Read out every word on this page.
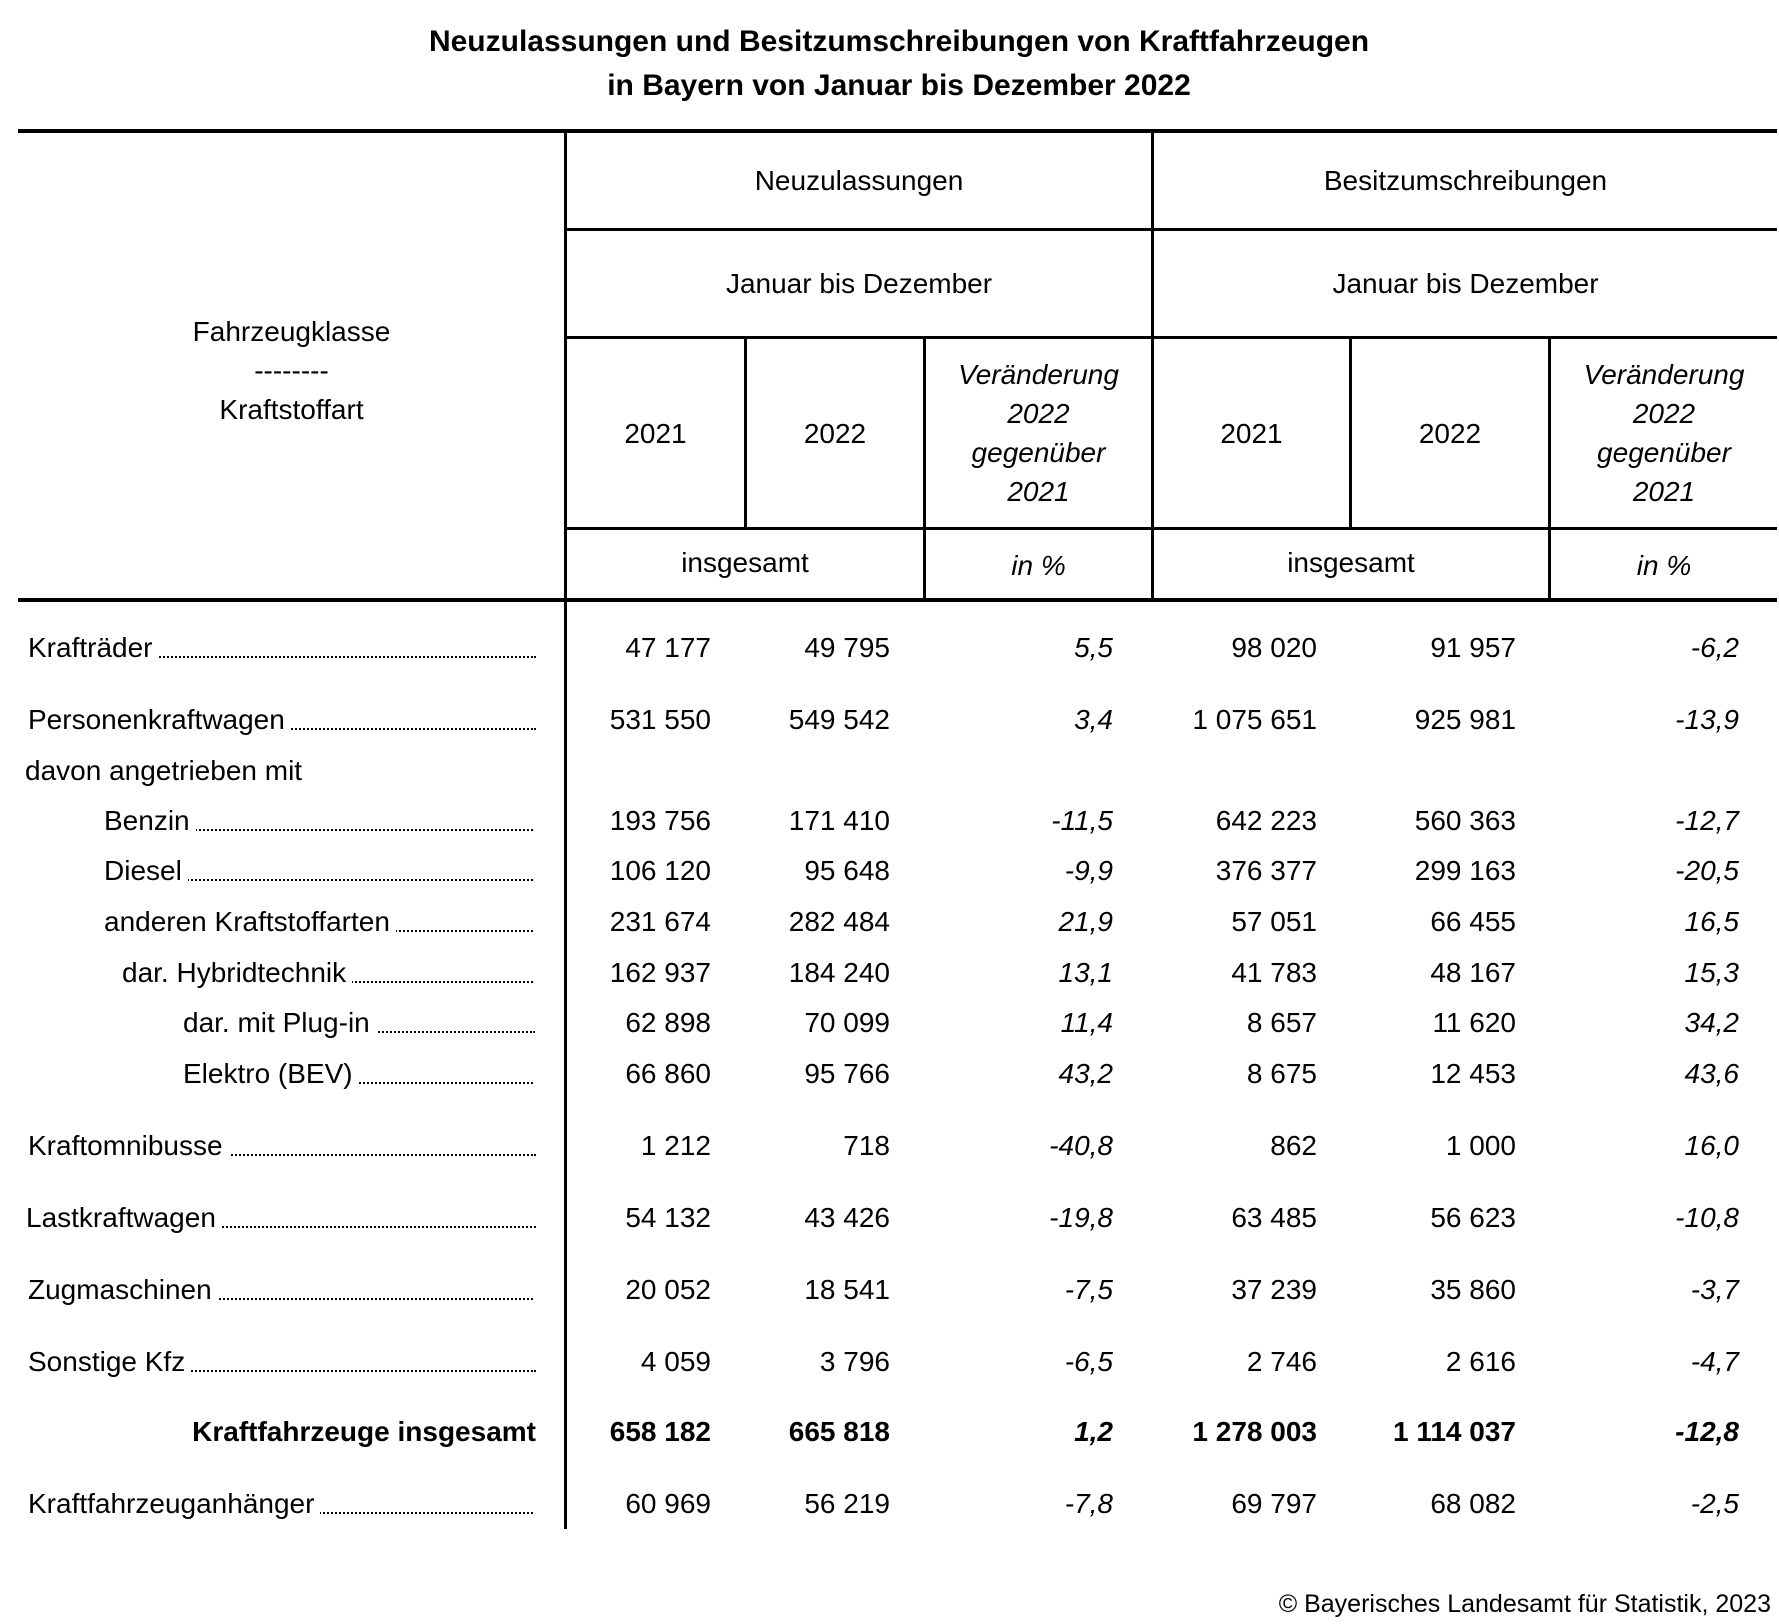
Neuzulassungen und Besitzumschreibungen von Kraftfahrzeugen
in Bayern von Januar bis Dezember 2022
Fahrzeugklasse
--------
Kraftstoffart
Neuzulassungen
Januar bis Dezember
2021	2022
Veränderung
2022
gegenüber
2021
insgesamt	in %
Besitzumschreibungen
Januar bis Dezember
2021	2022
Veränderung
2022
gegenüber
2021
insgesamt	in %
Krafträder	47 177	49 795	5,5	98 020	91 957	-6,2
Personenkraftwagen	531 550	549 542	3,4	1 075 651	925 981	-13,9
davon angetrieben mit
Benzin	193 756	171 410	-11,5	642 223	560 363	-12,7
Diesel	106 120	95 648	-9,9	376 377	299 163	-20,5
anderen Kraftstoffarten	231 674	282 484	21,9	57 051	66 455	16,5
dar. Hybridtechnik	162 937	184 240	13,1	41 783	48 167	15,3
dar. mit Plug-in	62 898	70 099	11,4	8 657	11 620	34,2
Elektro (BEV)	66 860	95 766	43,2	8 675	12 453	43,6
Kraftomnibusse	1 212	718	-40,8	862	1 000	16,0
Lastkraftwagen	54 132	43 426	-19,8	63 485	56 623	-10,8
Zugmaschinen	20 052	18 541	-7,5	37 239	35 860	-3,7
Sonstige Kfz	4 059	3 796	-6,5	2 746	2 616	-4,7
Kraftfahrzeuge insgesamt	658 182	665 818	1,2	1 278 003	1 114 037	-12,8
Kraftfahrzeuganhänger	60 969	56 219	-7,8	69 797	68 082	-2,5
© Bayerisches Landesamt für Statistik, 2023
